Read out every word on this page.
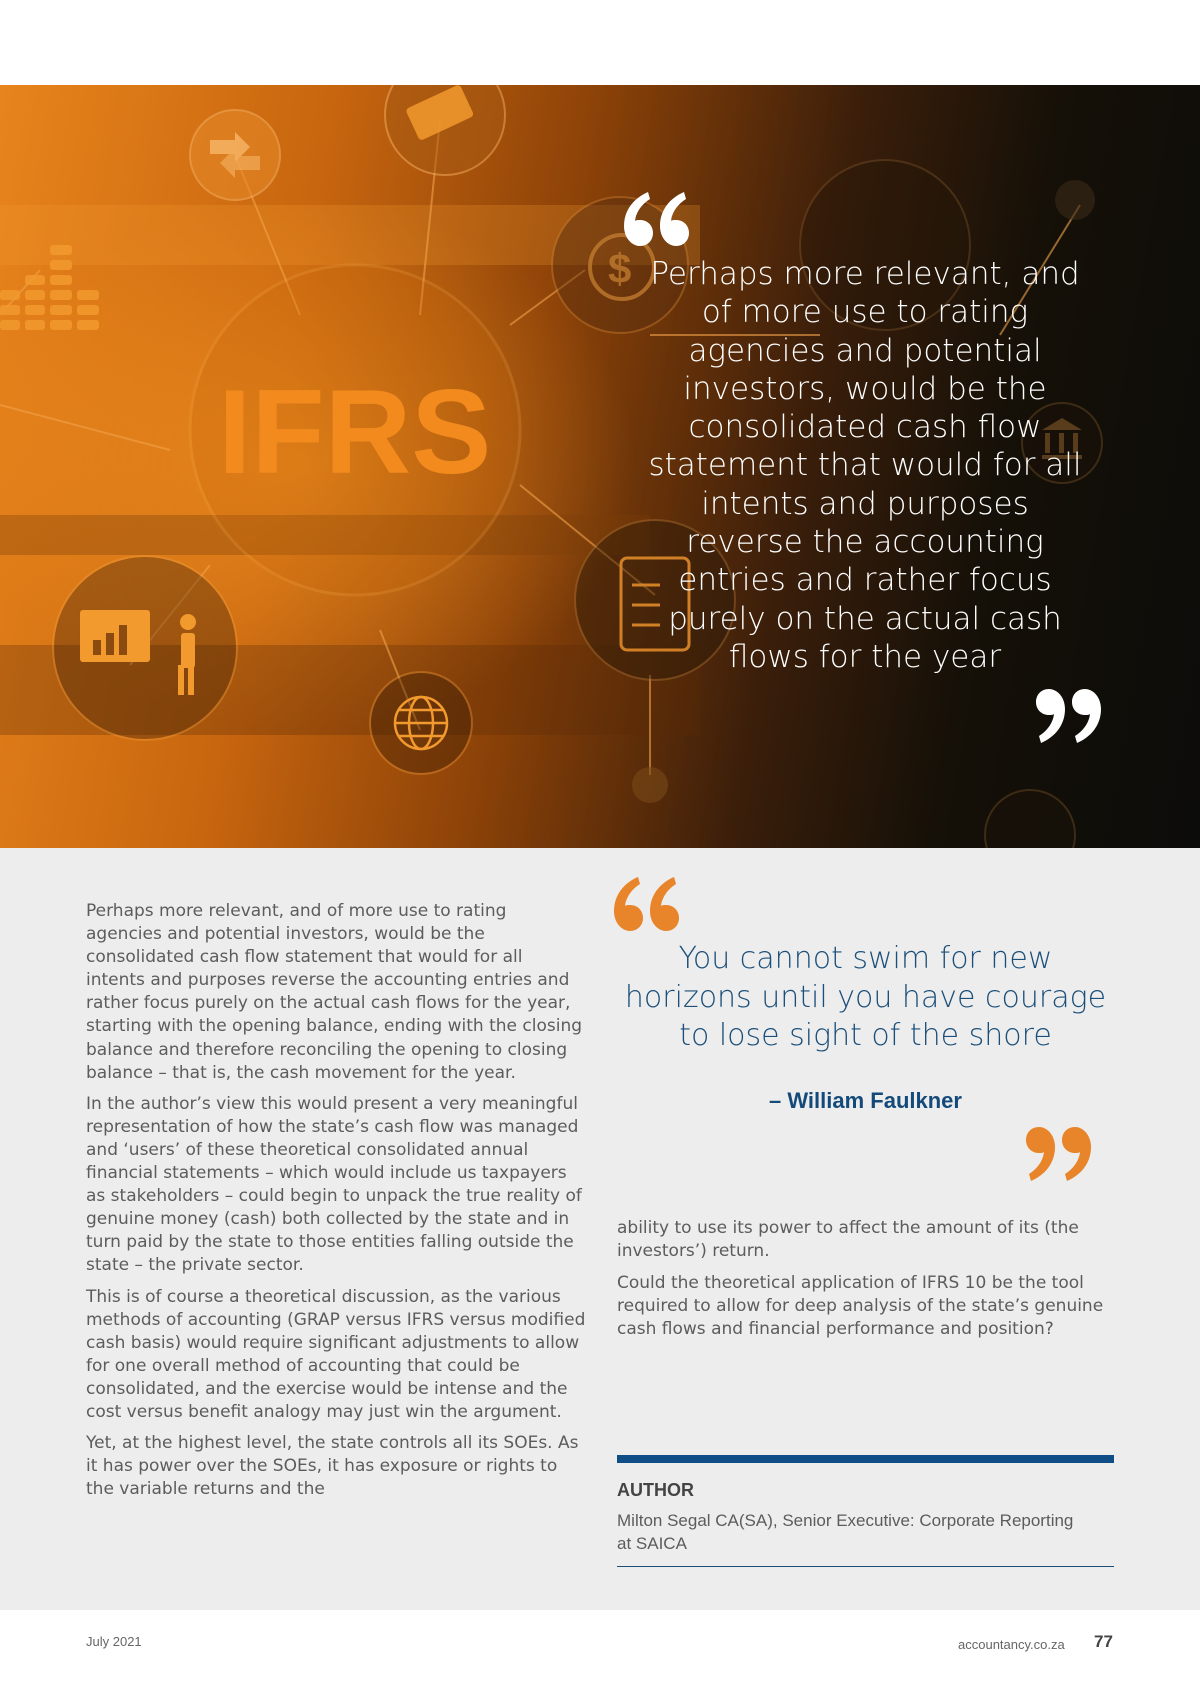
IFRS
$ Perhaps more relevant, and of more use to rating agencies and potential investors, would be the consolidated cash flow statement that would for all intents and purposes reverse the accounting entries and rather focus purely on the actual cash flows for the year

Perhaps more relevant, and of more use to rating agencies and potential investors, would be the consolidated cash flow statement that would for all intents and purposes reverse the accounting entries and rather focus purely on the actual cash flows for the year, starting with the opening balance, ending with the closing balance and therefore reconciling the opening to closing balance – that is, the cash movement for the year.

In the author’s view this would present a very meaningful representation of how the state’s cash flow was managed and ‘users’ of these theoretical consolidated annual financial statements – which would include us taxpayers as stakeholders – could begin to unpack the true reality of genuine money (cash) both collected by the state and in turn paid by the state to those entities falling outside the state – the private sector.

This is of course a theoretical discussion, as the various methods of accounting (GRAP versus IFRS versus modified cash basis) would require significant adjustments to allow for one overall method of accounting that could be consolidated, and the exercise would be intense and the cost versus benefit analogy may just win the argument.

Yet, at the highest level, the state controls all its SOEs. As it has power over the SOEs, it has exposure or rights to the variable returns and the

You cannot swim for new horizons until you have courage to lose sight of the shore
– William Faulkner

ability to use its power to affect the amount of its (the investors’) return.

Could the theoretical application of IFRS 10 be the tool required to allow for deep analysis of the state’s genuine cash flows and financial performance and position?

AUTHOR
Milton Segal CA(SA), Senior Executive: Corporate Reporting at SAICA
July 2021	accountancy.co.za 77
